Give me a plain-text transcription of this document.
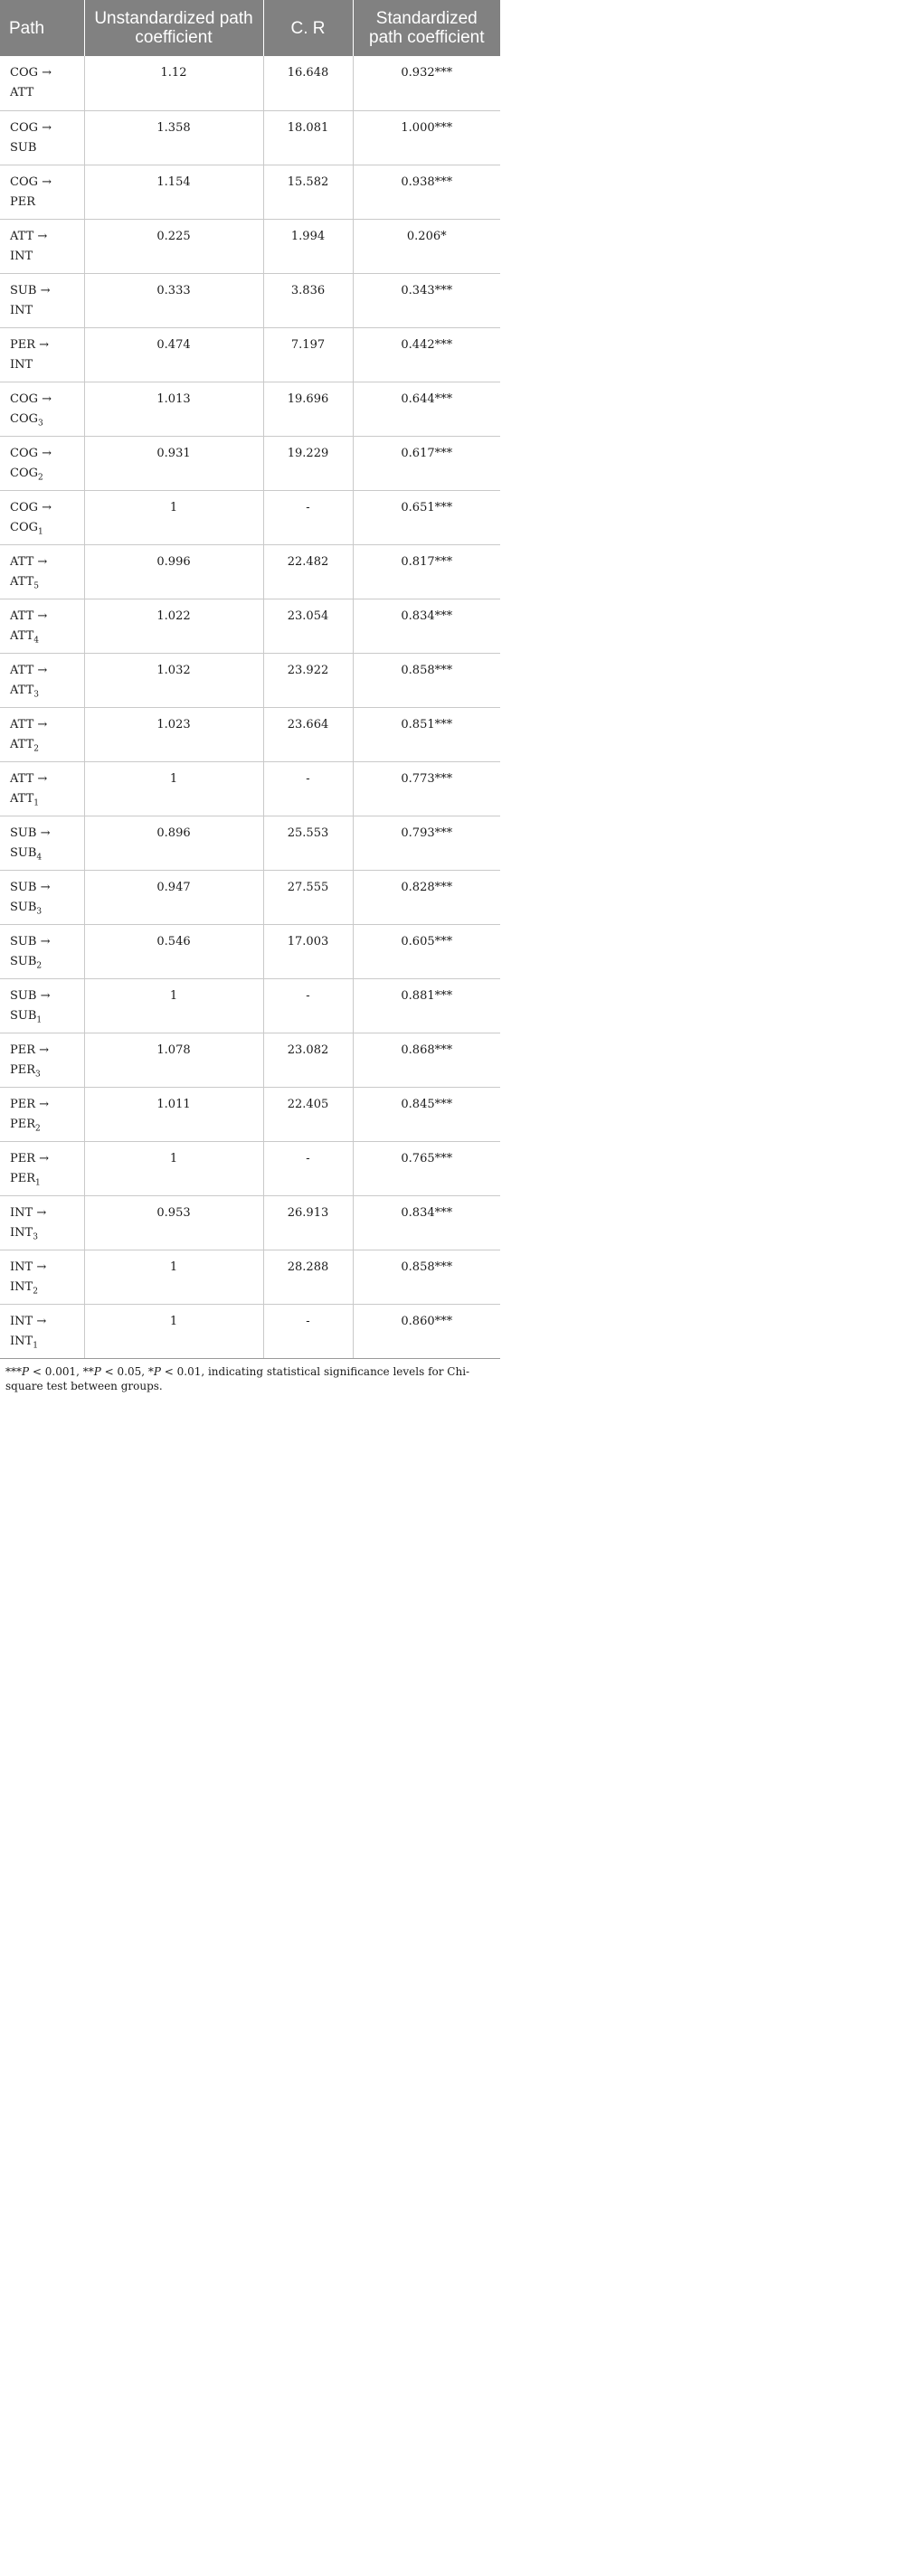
Path	Unstandardized path coefficient	C. R	Standardized path coefficient
COG →
ATT	1.12	16.648	0.932***
COG →
SUB	1.358	18.081	1.000***
COG →
PER	1.154	15.582	0.938***
ATT →
INT	0.225	1.994	0.206*
SUB →
INT	0.333	3.836	0.343***
PER →
INT	0.474	7.197	0.442***
COG →
$COG_3$	1.013	19.696	0.644***
COG →
$COG_2$	0.931	19.229	0.617***
COG →
$COG_1$	1	-	0.651***
ATT →
$ATT_5$	0.996	22.482	0.817***
ATT →
$ATT_4$	1.022	23.054	0.834***
ATT →
$ATT_3$	1.032	23.922	0.858***
ATT →
$ATT_2$	1.023	23.664	0.851***
ATT →
$ATT_1$	1	-	0.773***
SUB →
$SUB_4$	0.896	25.553	0.793***
SUB →
$SUB_3$	0.947	27.555	0.828***
SUB →
$SUB_2$	0.546	17.003	0.605***
SUB →
$SUB_1$	1	-	0.881***
PER →
$PER_3$	1.078	23.082	0.868***
PER →
$PER_2$	1.011	22.405	0.845***
PER →
$PER_1$	1	-	0.765***
INT →
$INT_3$	0.953	26.913	0.834***
INT →
$INT_2$	1	28.288	0.858***
INT →
$INT_1$	1	-	0.860***
***P < 0.001, **P < 0.05, *P < 0.01, indicating statistical significance levels for Chi-square test between groups.
